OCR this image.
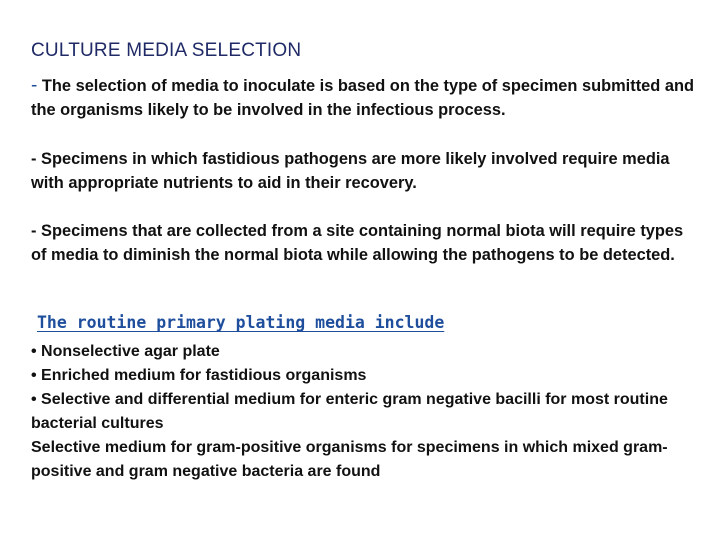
CULTURE MEDIA SELECTION
- The selection of media to inoculate is based on the type of specimen submitted and the organisms likely to be involved in the infectious process.
- Specimens in which fastidious pathogens are more likely involved require media with appropriate nutrients to aid in their recovery.
- Specimens that are collected from a site containing normal biota will require types of media to diminish the normal biota while allowing the pathogens to be detected.
The routine primary plating media include
• Nonselective agar plate
• Enriched medium for fastidious organisms
• Selective and differential medium for enteric gram negative bacilli for most routine bacterial cultures
Selective medium for gram-positive organisms for specimens in which mixed gram-positive and gram negative bacteria are found
